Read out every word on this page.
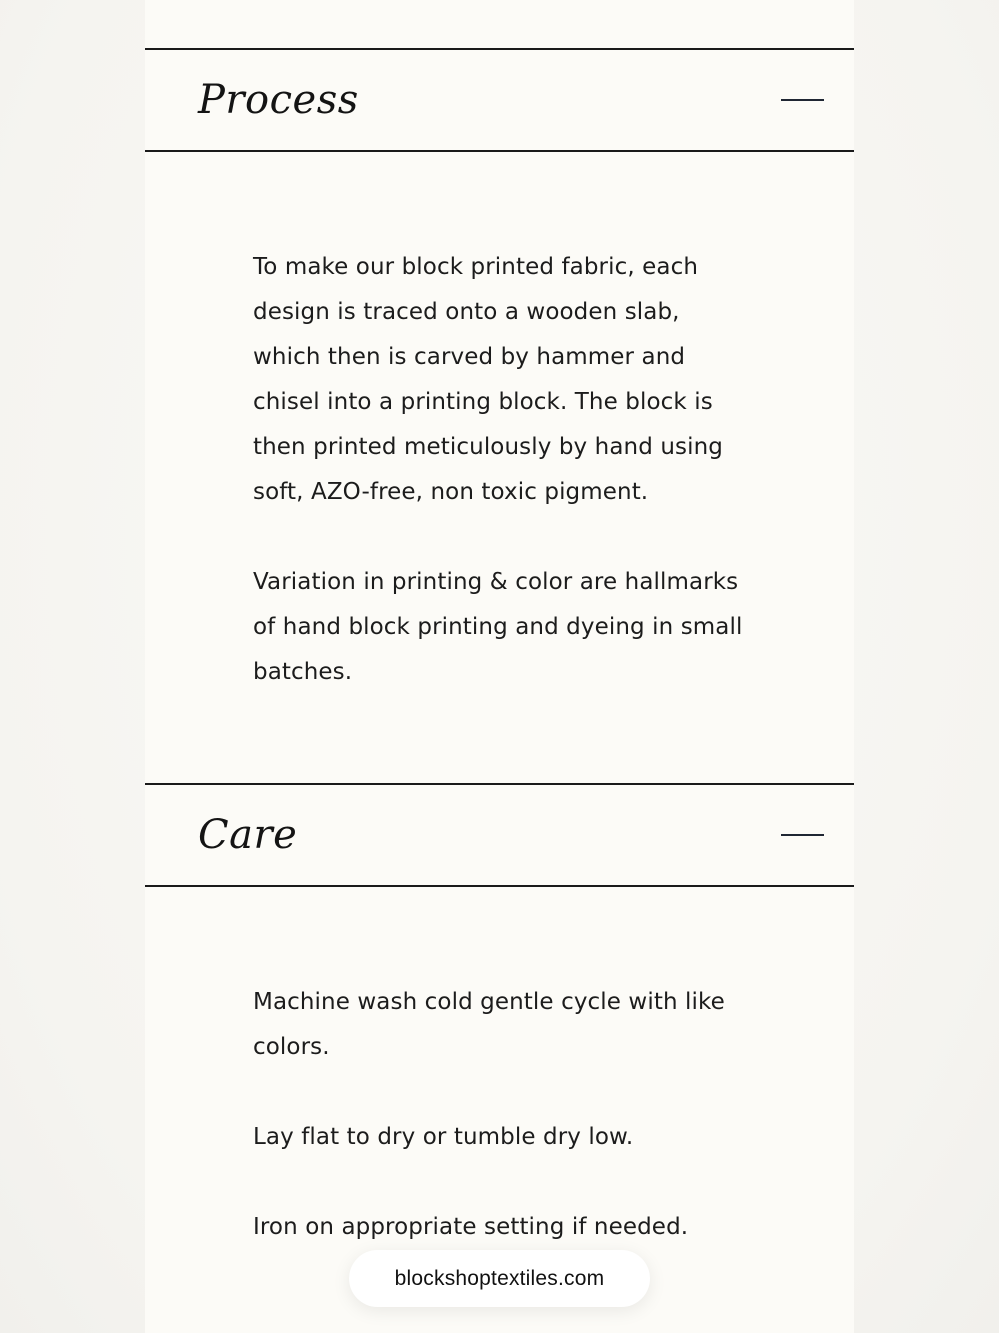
Process

To make our block printed fabric, each design is traced onto a wooden slab, which then is carved by hammer and chisel into a printing block. The block is then printed meticulously by hand using soft, AZO-free, non toxic pigment.

Variation in printing & color are hallmarks of hand block printing and dyeing in small batches.

Care

Machine wash cold gentle cycle with like colors.

Lay flat to dry or tumble dry low.

Iron on appropriate setting if needed.

blockshoptextiles.com
